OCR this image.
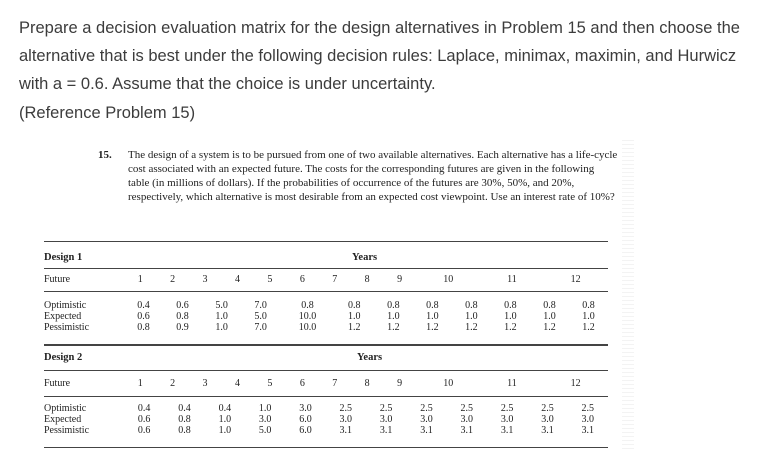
Prepare a decision evaluation matrix for the design alternatives in Problem 15 and then choose the alternative that is best under the following decision rules: Laplace, minimax, maximin, and Hurwicz with a = 0.6. Assume that the choice is under uncertainty.
(Reference Problem 15)
15. The design of a system is to be pursued from one of two available alternatives. Each alternative has a life-cycle cost associated with an expected future. The costs for the corresponding futures are given in the following table (in millions of dollars). If the probabilities of occurrence of the futures are 30%, 50%, and 20%, respectively, which alternative is most desirable from an expected cost viewpoint. Use an interest rate of 10%?
Design 1	Years
Future	1	2	3	4	5	6	7	8	9	10	11	12
Optimistic	0.4	0.6	5.0	7.0	0.8	0.8	0.8	0.8	0.8	0.8	0.8	0.8
Expected	0.6	0.8	1.0	5.0	10.0	1.0	1.0	1.0	1.0	1.0	1.0	1.0
Pessimistic	0.8	0.9	1.0	7.0	10.0	1.2	1.2	1.2	1.2	1.2	1.2	1.2
Design 2	Years
Future	1	2	3	4	5	6	7	8	9	10	11	12
Optimistic	0.4	0.4	0.4	1.0	3.0	2.5	2.5	2.5	2.5	2.5	2.5	2.5
Expected	0.6	0.8	1.0	3.0	6.0	3.0	3.0	3.0	3.0	3.0	3.0	3.0
Pessimistic	0.6	0.8	1.0	5.0	6.0	3.1	3.1	3.1	3.1	3.1	3.1	3.1
